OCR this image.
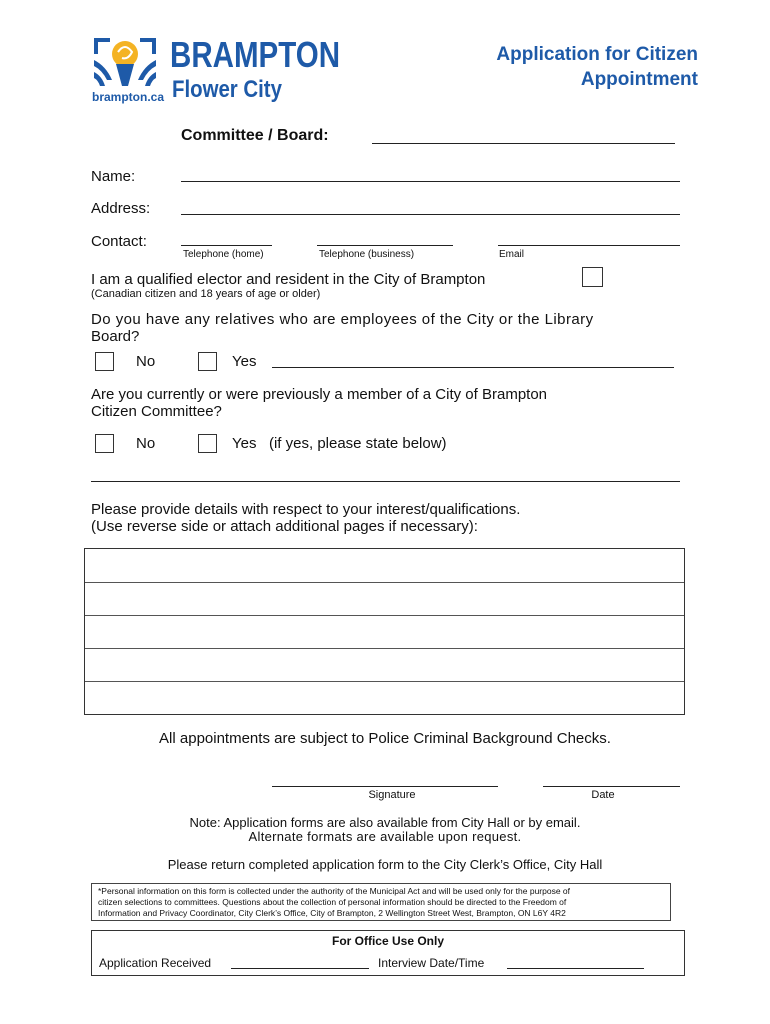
BRAMPTON
Flower City
brampton.ca
Application for Citizen
Appointment
Committee / Board:
Name:
Address:
Contact:
Telephone (home)	Telephone (business)	Email
I am a qualified elector and resident in the City of Brampton
(Canadian citizen and 18 years of age or older)
Do you have any relatives who are employees of the City or the Library
Board?
No	Yes
Are you currently or were previously a member of a City of Brampton
Citizen Committee?
No	Yes   (if yes, please state below)
Please provide details with respect to your interest/qualifications.
(Use reverse side or attach additional pages if necessary):
All appointments are subject to Police Criminal Background Checks.
Signature	Date
Note: Application forms are also available from City Hall or by email.
Alternate formats are available upon request.
Please return completed application form to the City Clerk’s Office, City Hall
*Personal information on this form is collected under the authority of the Municipal Act and will be used only for the purpose of
citizen selections to committees. Questions about the collection of personal information should be directed to the Freedom of
Information and Privacy Coordinator, City Clerk’s Office, City of Brampton, 2 Wellington Street West, Brampton, ON L6Y 4R2
For Office Use Only
Application Received	Interview Date/Time
